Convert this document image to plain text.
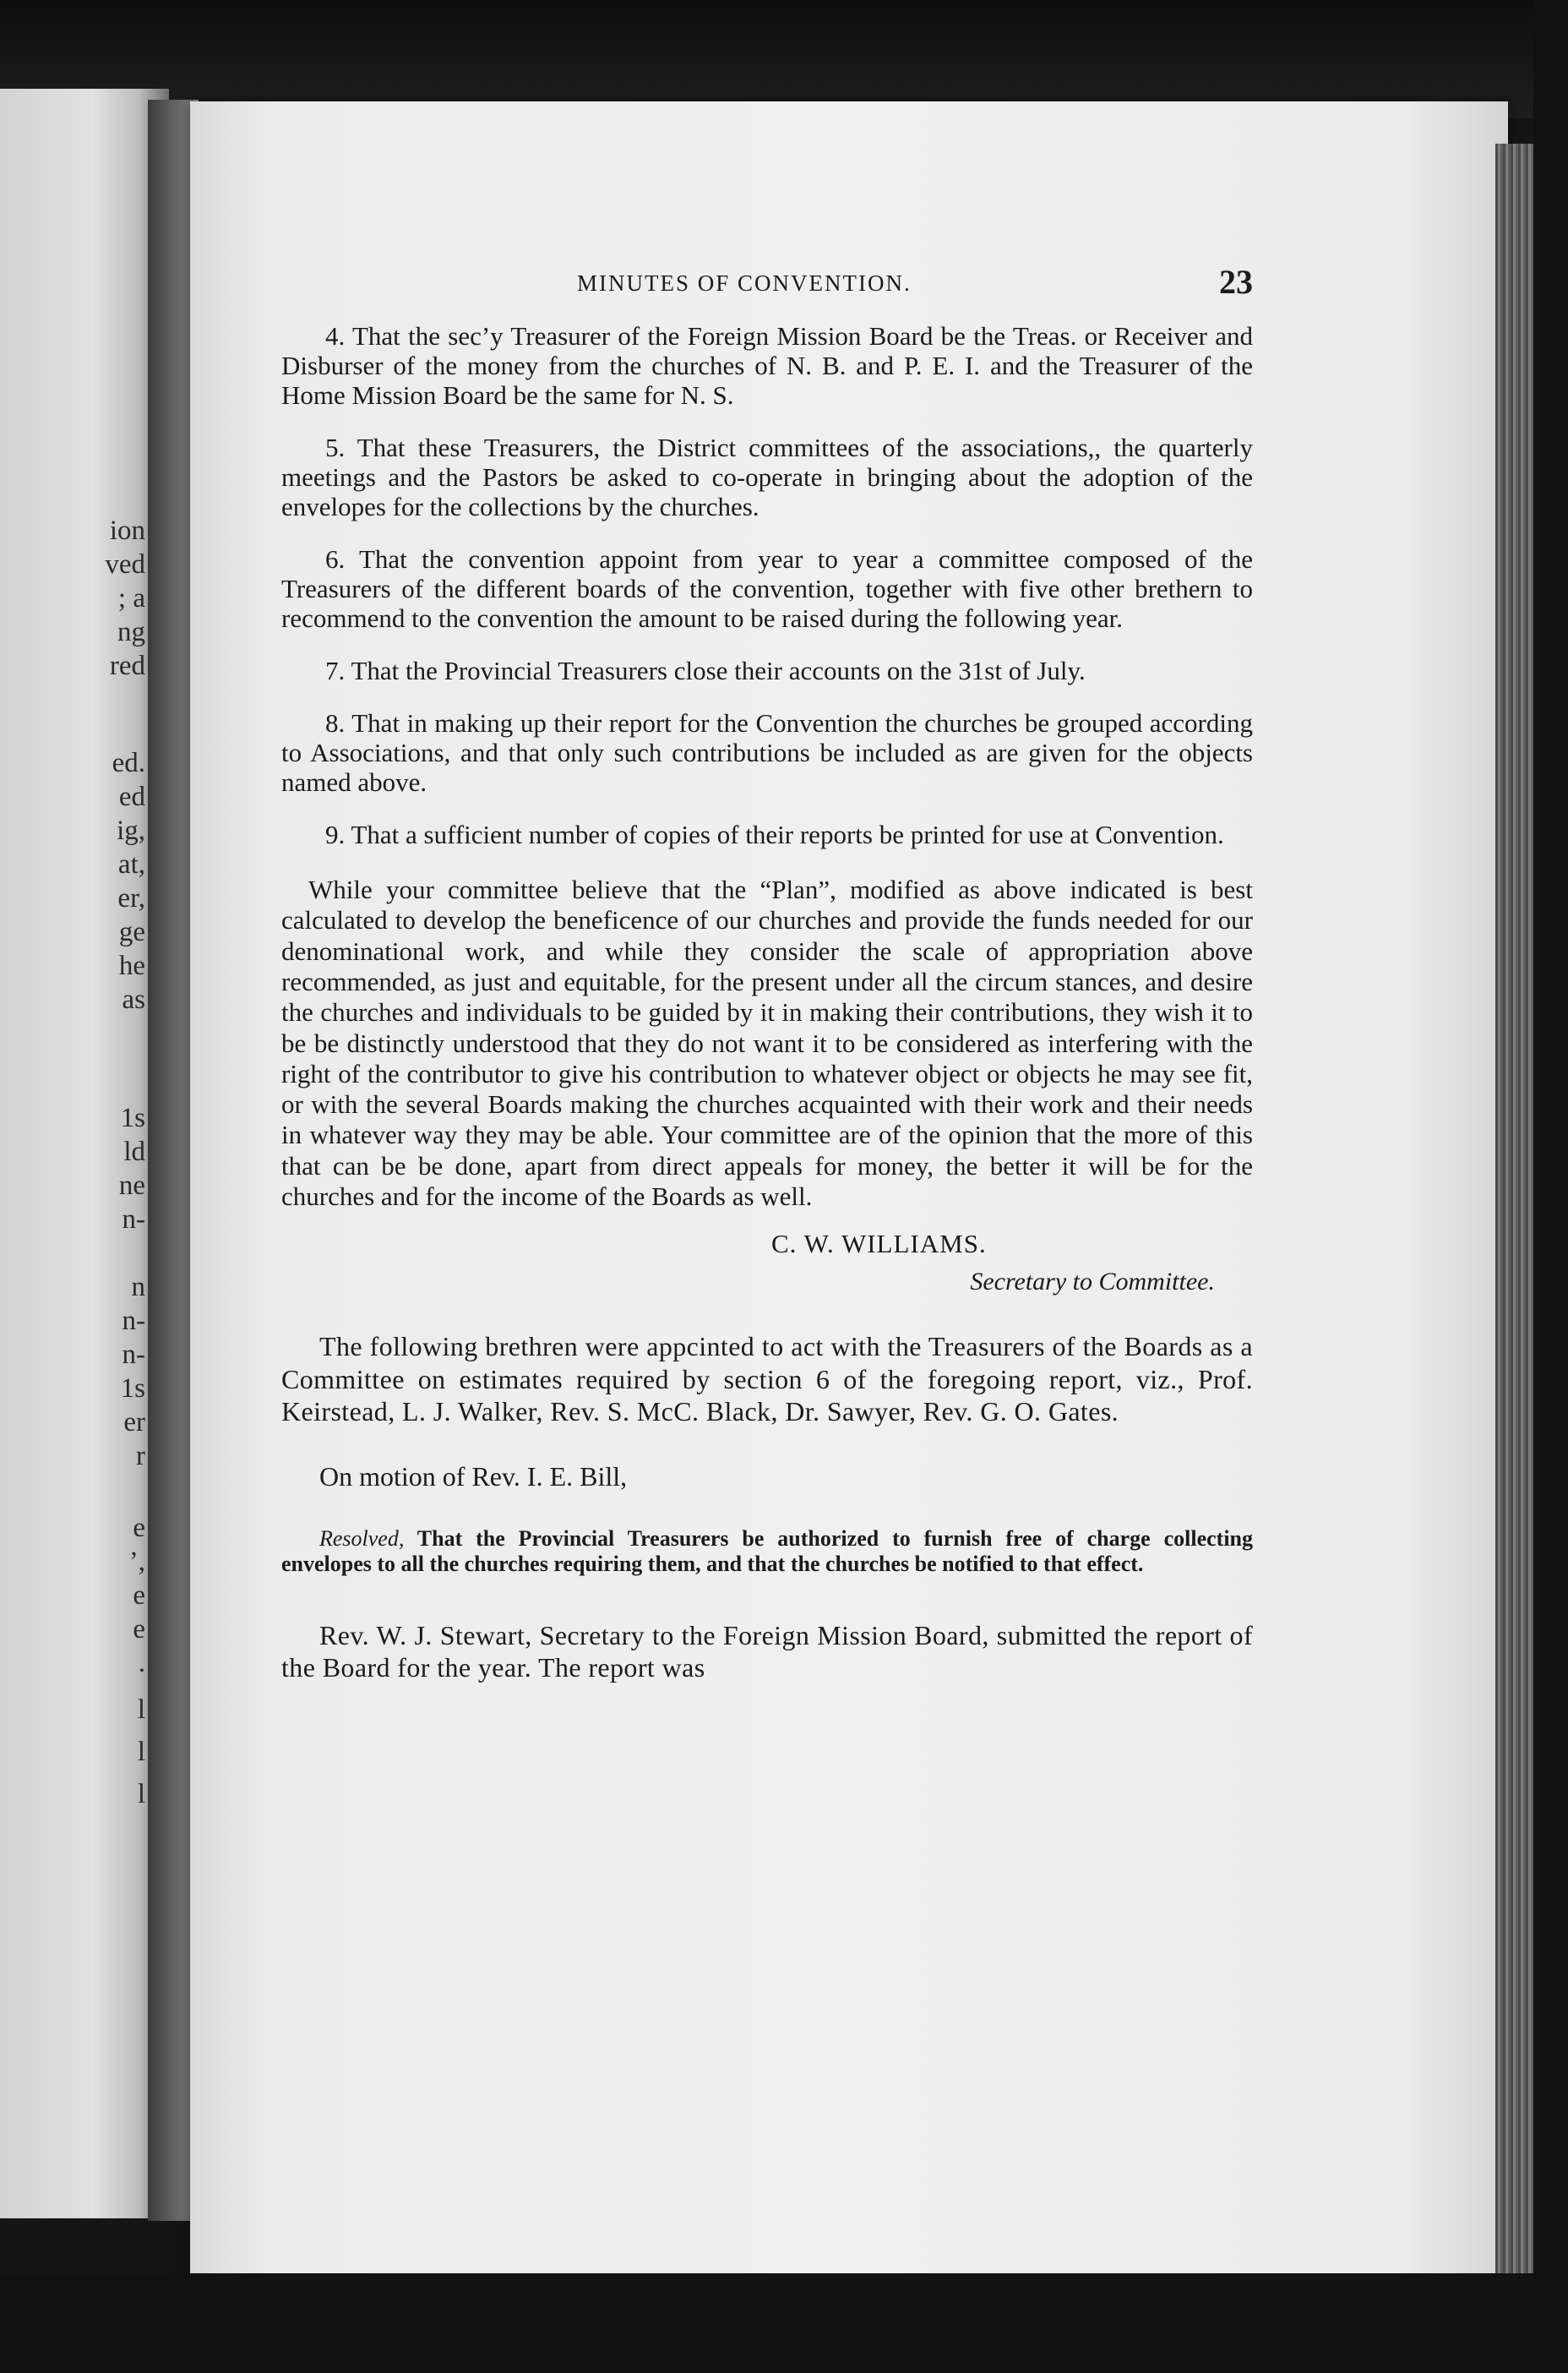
ion
ved
; a
ng
red
ed.
ed
ig,
at,
er,
ge
he
as
1s
ld
ne
n-
n
n-
n-
1s
er
r
e
’,
e
e
.
l
l
l
MINUTES OF CONVENTION.	23

4. That the sec’y Treasurer of the Foreign Mission Board be the Treas. or Receiver and Disburser of the money from the churches of N. B. and P. E. I. and the Treasurer of the Home Mission Board be the same for N. S.

5. That these Treasurers, the District committees of the associations,, the quarterly meetings and the Pastors be asked to co-operate in bringing about the adoption of the envelopes for the collections by the churches.

6. That the convention appoint from year to year a committee composed of the Treasurers of the different boards of the convention, together with five other brethern to recommend to the convention the amount to be raised during the following year.

7. That the Provincial Treasurers close their accounts on the 31st of July.

8. That in making up their report for the Convention the churches be grouped according to Associations, and that only such contributions be included as are given for the objects named above.

9. That a sufficient number of copies of their reports be printed for use at Convention.

While your committee believe that the “Plan”, modified as above indicated is best calculated to develop the beneficence of our churches and provide the funds needed for our denominational work, and while they consider the scale of appropriation above recommended, as just and equitable, for the present under all the circum stances, and desire the churches and individuals to be guided by it in making their contributions, they wish it to be be distinctly understood that they do not want it to be considered as interfering with the right of the contributor to give his contribution to whatever object or objects he may see fit, or with the several Boards making the churches acquainted with their work and their needs in whatever way they may be able. Your committee are of the opinion that the more of this that can be be done, apart from direct appeals for money, the better it will be for the churches and for the income of the Boards as well.

C. W. WILLIAMS.
Secretary to Committee.

The following brethren were appcinted to act with the Treasurers of the Boards as a Committee on estimates required by section 6 of the foregoing report, viz., Prof. Keirstead, L. J. Walker, Rev. S. McC. Black, Dr. Sawyer, Rev. G. O. Gates.

On motion of Rev. I. E. Bill,

Resolved, That the Provincial Treasurers be authorized to furnish free of charge collecting envelopes to all the churches requiring them, and that the churches be notified to that effect.

Rev. W. J. Stewart, Secretary to the Foreign Mission Board, submitted the report of the Board for the year. The report was
